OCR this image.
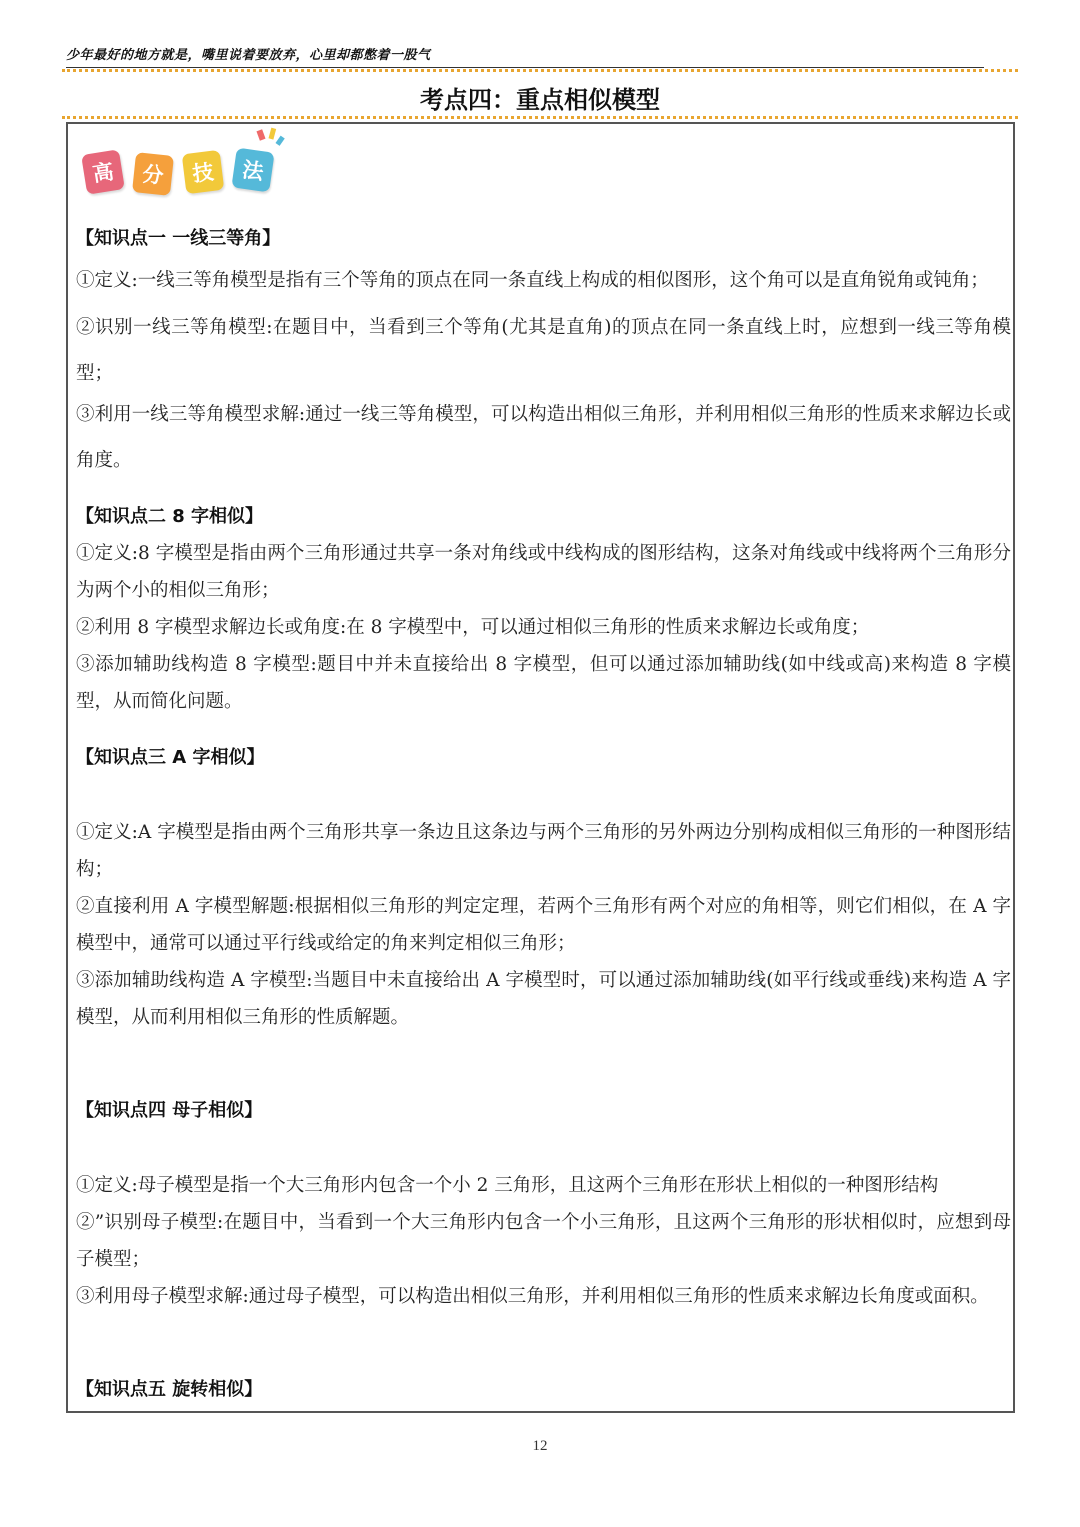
少年最好的地方就是，嘴里说着要放弃，心里却都憋着一股气
考点四：重点相似模型
高	分	技	法
【知识点一 一线三等角】
①定义:一线三等角模型是指有三个等角的顶点在同一条直线上构成的相似图形，这个角可以是直角锐角或钝角；
②识别一线三等角模型:在题目中，当看到三个等角(尤其是直角)的顶点在同一条直线上时，应想到一线三等角模型；
③利用一线三等角模型求解:通过一线三等角模型，可以构造出相似三角形，并利用相似三角形的性质来求解边长或角度。
【知识点二 8 字相似】
①定义:8 字模型是指由两个三角形通过共享一条对角线或中线构成的图形结构，这条对角线或中线将两个三角形分为两个小的相似三角形；
②利用 8 字模型求解边长或角度:在 8 字模型中，可以通过相似三角形的性质来求解边长或角度；
③添加辅助线构造 8 字模型:题目中并未直接给出 8 字模型，但可以通过添加辅助线(如中线或高)来构造 8 字模型，从而简化问题。
【知识点三 A 字相似】
①定义:A 字模型是指由两个三角形共享一条边且这条边与两个三角形的另外两边分别构成相似三角形的一种图形结构；
②直接利用 A 字模型解题:根据相似三角形的判定定理，若两个三角形有两个对应的角相等，则它们相似，在 A 字模型中，通常可以通过平行线或给定的角来判定相似三角形；
③添加辅助线构造 A 字模型:当题目中未直接给出 A 字模型时，可以通过添加辅助线(如平行线或垂线)来构造 A 字模型，从而利用相似三角形的性质解题。
【知识点四 母子相似】
①定义:母子模型是指一个大三角形内包含一个小 2 三角形，且这两个三角形在形状上相似的一种图形结构
②”识别母子模型:在题目中，当看到一个大三角形内包含一个小三角形，且这两个三角形的形状相似时，应想到母子模型；
③利用母子模型求解:通过母子模型，可以构造出相似三角形，并利用相似三角形的性质来求解边长角度或面积。
【知识点五 旋转相似】
12
